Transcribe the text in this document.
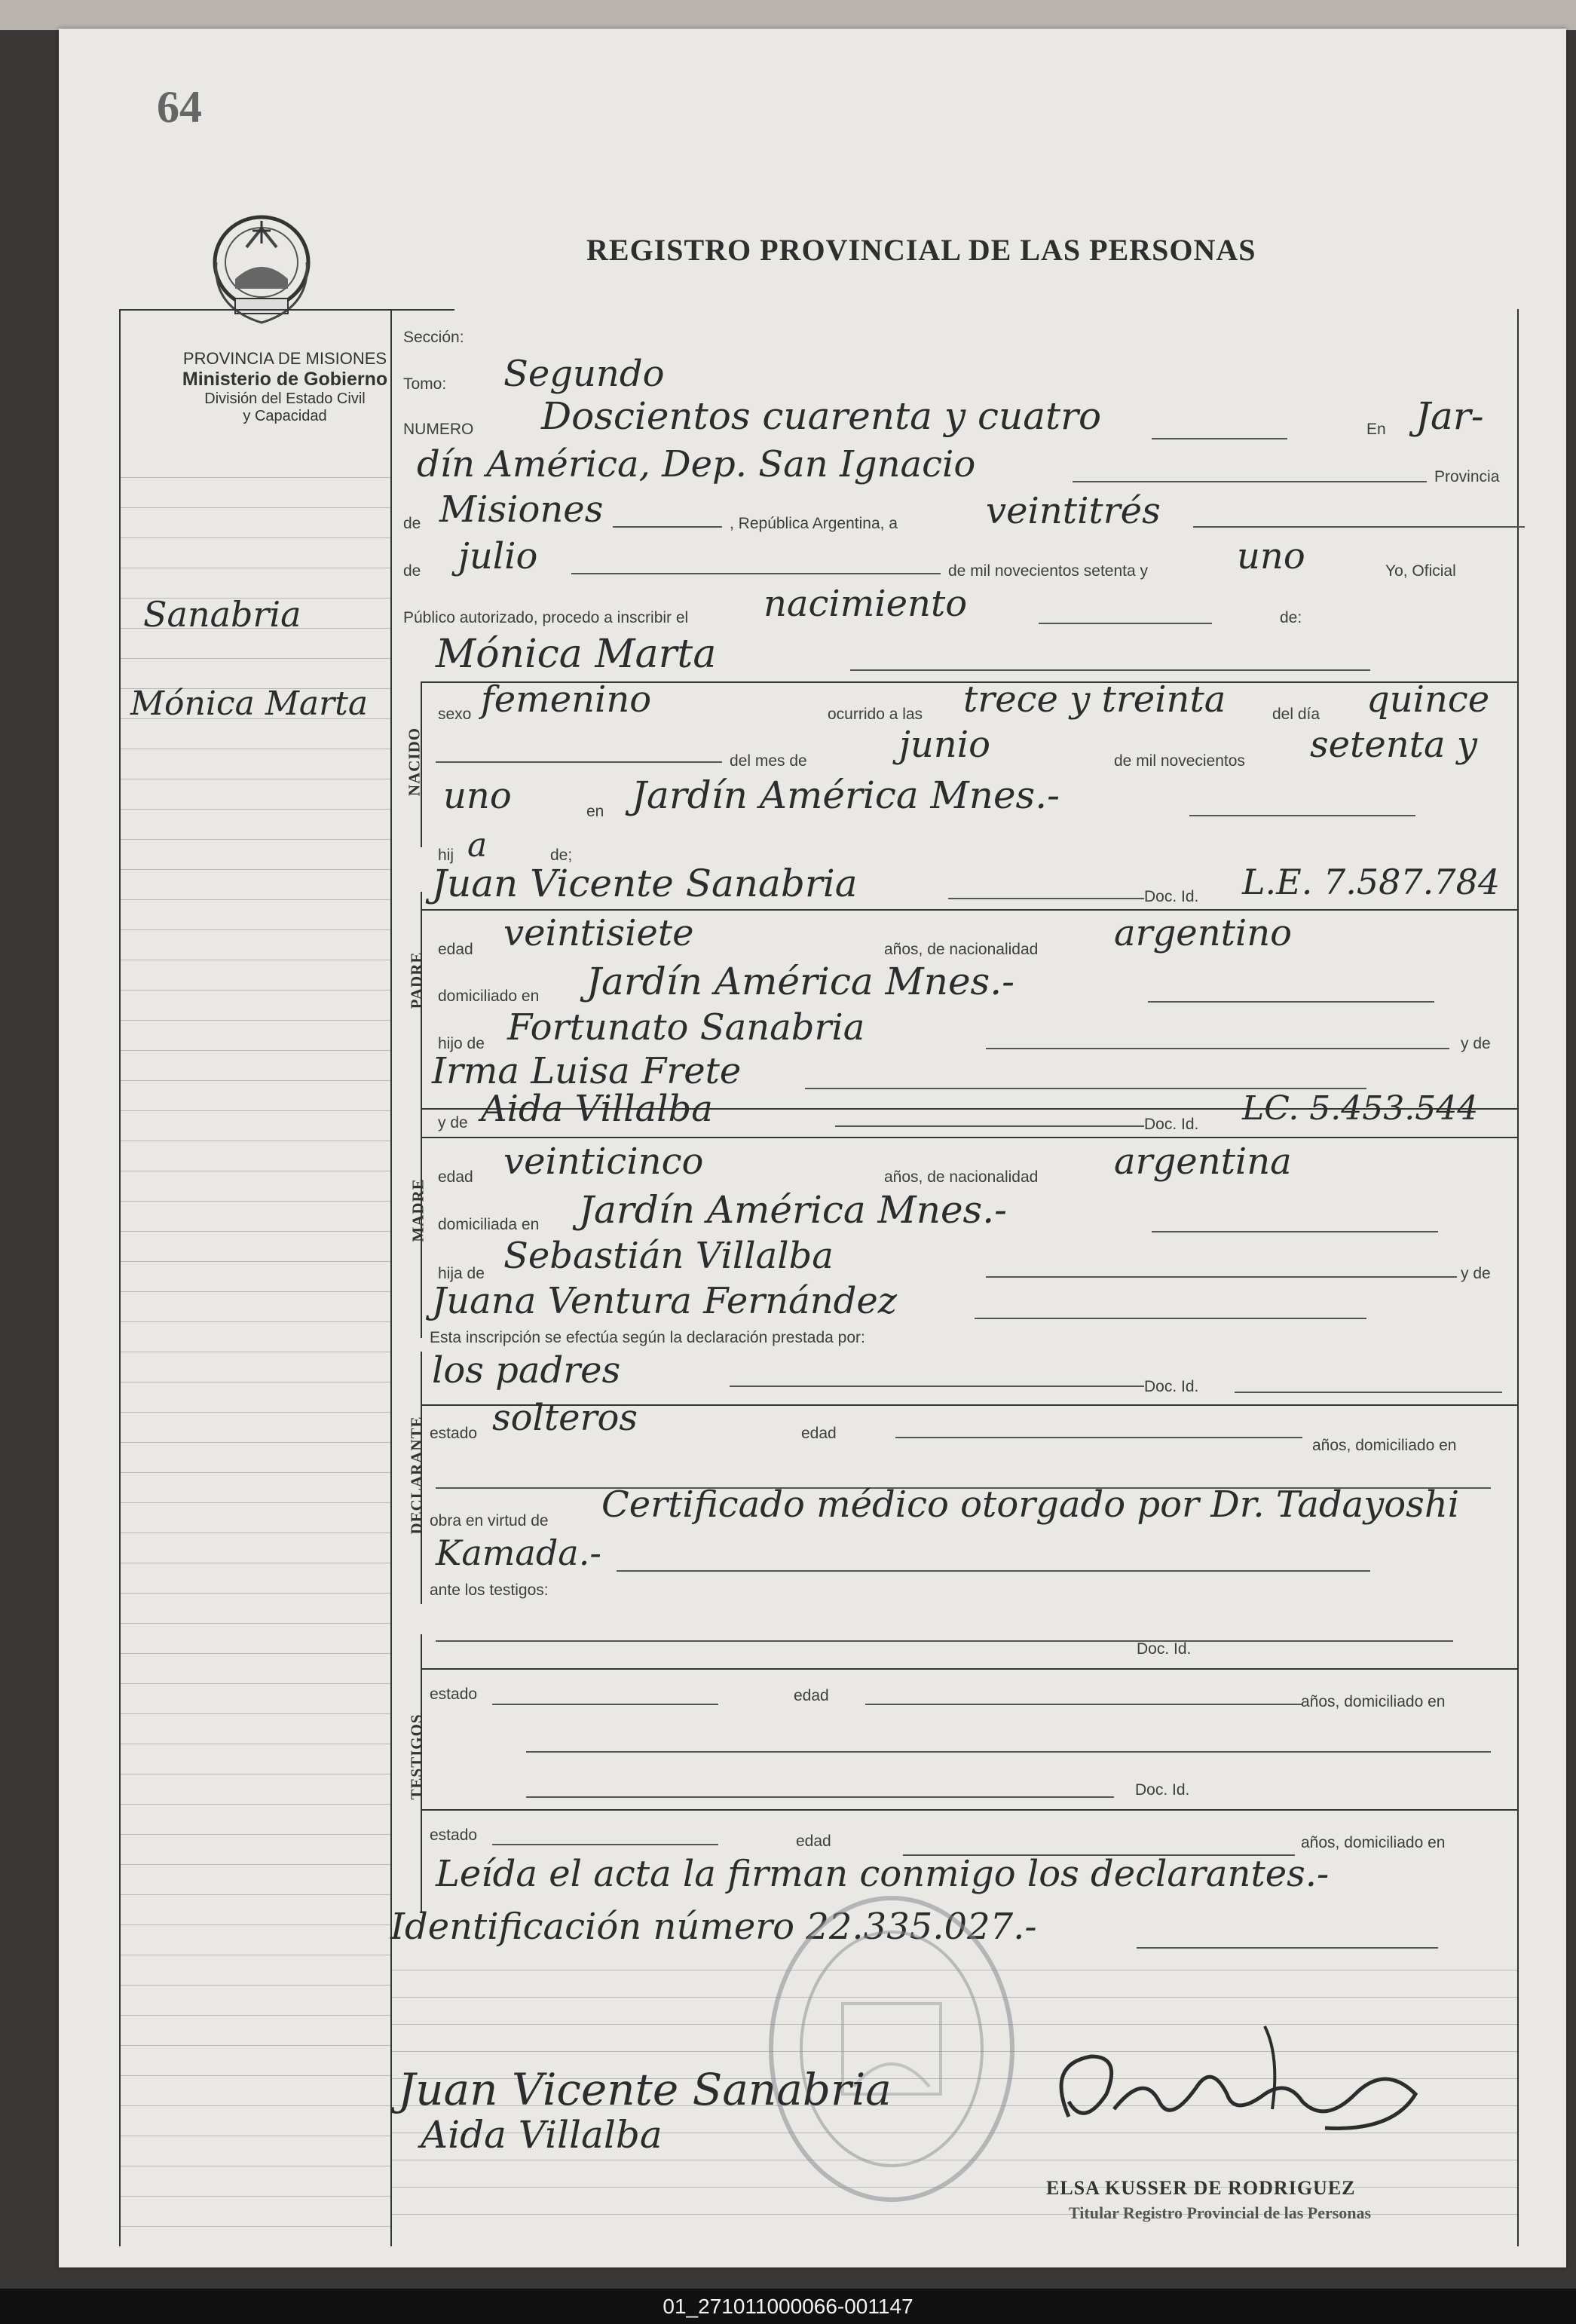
64
REGISTRO PROVINCIAL DE LAS PERSONAS
PROVINCIA DE MISIONES
Ministerio de Gobierno
División del Estado Civil
y Capacidad
Sanabria
Mónica Marta
Sección:
Tomo: Segundo
NUMERO Doscientos cuarenta y cuatro	En Jar-
dín América, Dep. San Ignacio	Provincia
de Misiones	, República Argentina, a veintitrés
de julio	de mil novecientos setenta y uno	Yo, Oficial
Público autorizado, procedo a inscribir el nacimiento	de:
Mónica Marta
NACIDO
sexo femenino	ocurrido a las trece y treinta	del día quince
del mes de	junio	de mil novecientos setenta y
uno	en Jardín América Mnes.-
hij a	de;
PADRE
Juan Vicente Sanabria	Doc. Id. L.E. 7.587.784
edad veintisiete	años, de nacionalidad argentino
domiciliado en Jardín América Mnes.-
hijo de Fortunato Sanabria	y de
Irma Luisa Frete
MADRE
y de Aida Villalba	Doc. Id. LC. 5.453.544
edad veinticinco	años, de nacionalidad argentina
domiciliada en Jardín América Mnes.-
hija de Sebastián Villalba	y de
Juana Ventura Fernández
Esta inscripción se efectúa según la declaración prestada por:
DECLARANTE
los padres	Doc. Id.
estado solteros	edad
años, domiciliado en
obra en virtud de Certificado médico otorgado por Dr. Tadayoshi
Kamada.-
ante los testigos:
TESTIGOS
Doc. Id.
estado	edad	años, domiciliado en
Doc. Id.
estado	edad	años, domiciliado en
Leída el acta la firman conmigo los declarantes.-
Identificación número 22.335.027.-
Juan Vicente Sanabria
Aida Villalba
ELSA KUSSER DE RODRIGUEZ
Titular Registro Provincial de las Personas
01_271011000066-001147
